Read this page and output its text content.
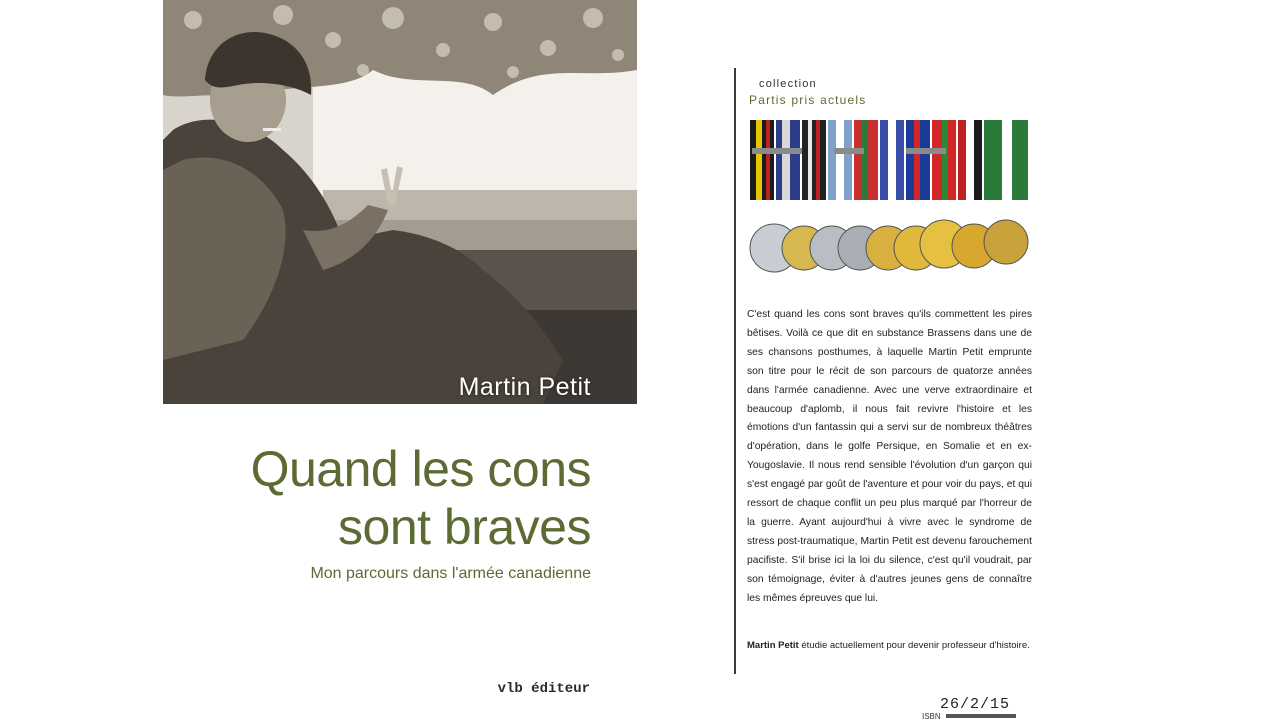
Martin Petit
Quand les cons
sont braves
Mon parcours dans l'armée canadienne
vlb éditeur
collection
Partis pris actuels
C'est quand les cons sont braves qu'ils commettent les pires bêtises. Voilà ce que dit en substance Brassens dans une de ses chansons posthumes, à laquelle Martin Petit emprunte son titre pour le récit de son parcours de quatorze années dans l'armée canadienne. Avec une verve extraordinaire et beaucoup d'aplomb, il nous fait revivre l'histoire et les émotions d'un fantassin qui a servi sur de nombreux théâtres d'opération, dans le golfe Persique, en Somalie et en ex-Yougoslavie. Il nous rend sensible l'évolution d'un garçon qui s'est engagé par goût de l'aventure et pour voir du pays, et qui ressort de chaque conflit un peu plus marqué par l'horreur de la guerre. Ayant aujourd'hui à vivre avec le syndrome de stress post-traumatique, Martin Petit est devenu farouchement pacifiste. S'il brise ici la loi du silence, c'est qu'il voudrait, par son témoignage, éviter à d'autres jeunes gens de connaître les mêmes épreuves que lui.
Martin Petit étudie actuellement pour devenir professeur d'histoire.
26/2/15
ISBN
